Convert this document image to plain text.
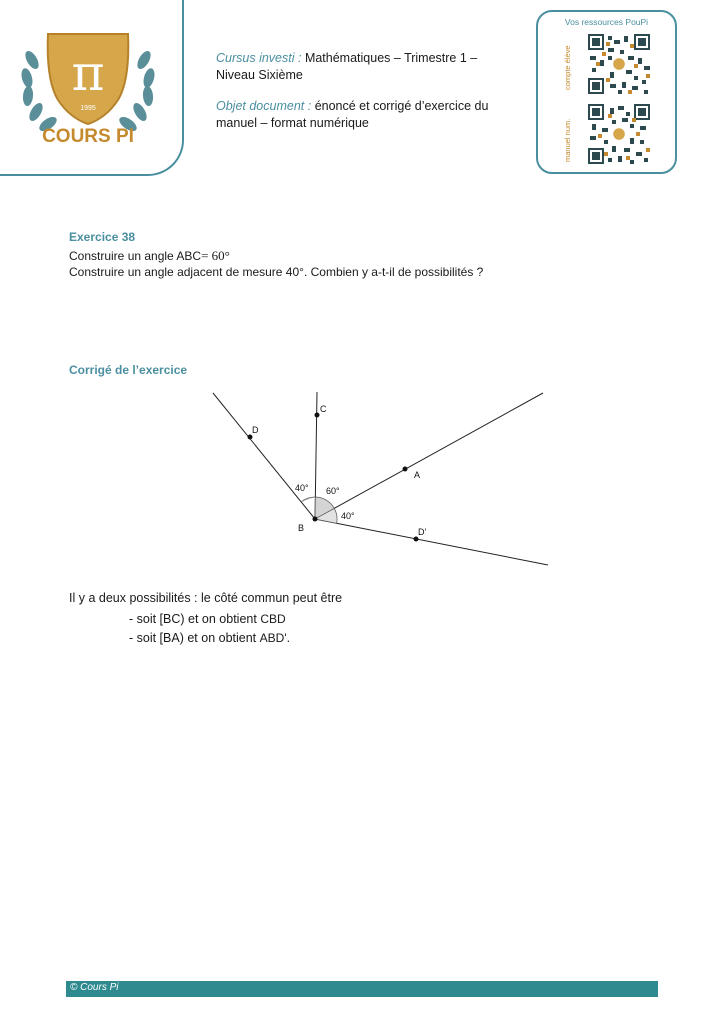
π
1995
COURS PI

Cursus investi : Mathématiques – Trimestre 1 –
Niveau Sixième

Objet document : énoncé et corrigé d’exercice du
manuel – format numérique

Vos ressources PouPi
compte élève
manuel num.
Exercice 38
Construire un angle ABC= 60°
Construire un angle adjacent de mesure 40°. Combien y a-t-il de possibilités ?
Corrigé de l’exercice
D
C
A
B	D'
40° 60°
40°
Il y a deux possibilités : le côté commun peut être
- soit [BC) et on obtient CBD
- soit [BA) et on obtient ABD'.
© Cours Pi
